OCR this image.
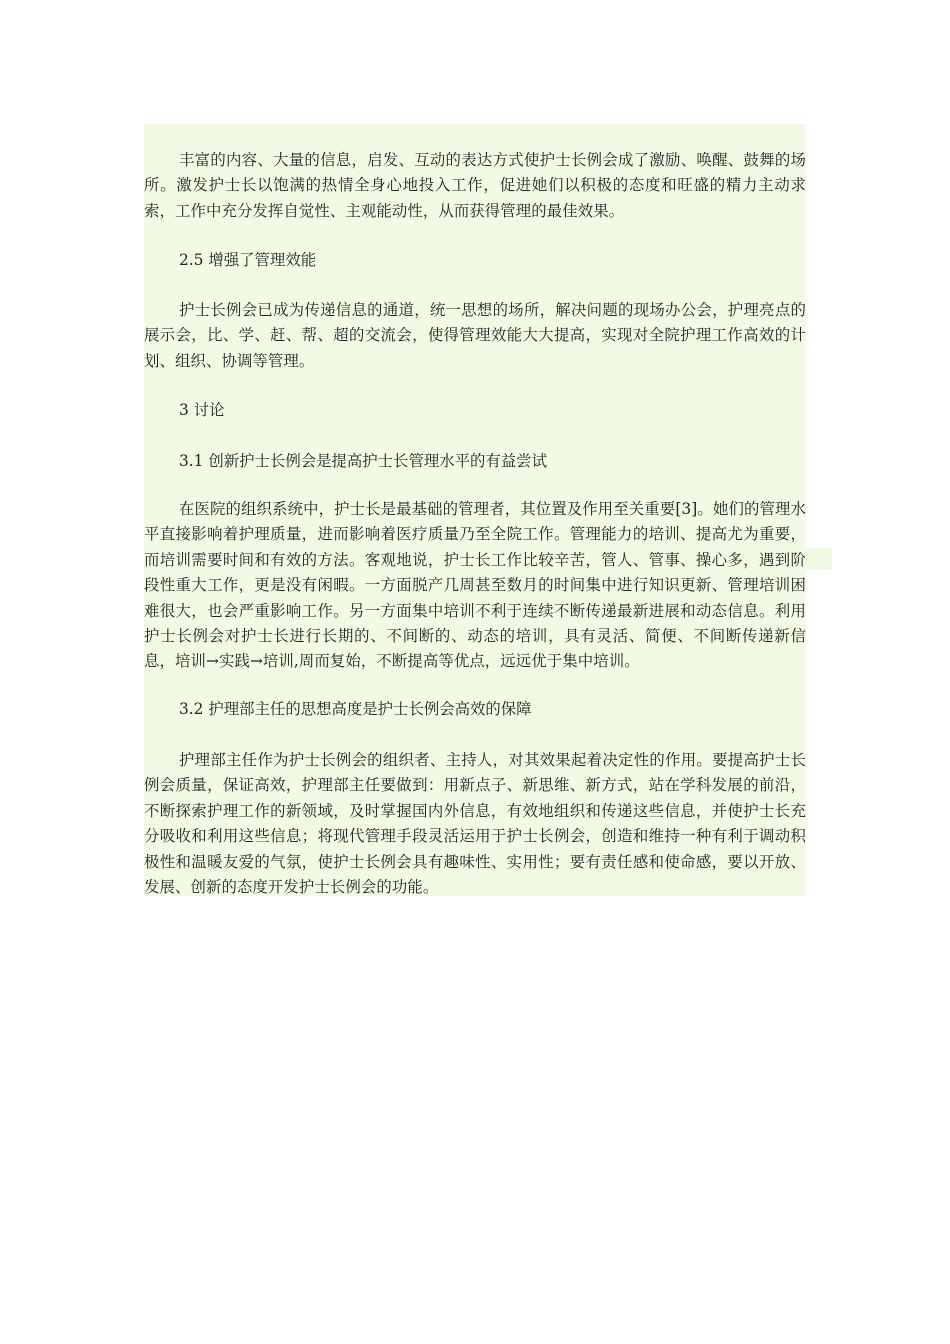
丰富的内容、大量的信息，启发、互动的表达方式使护士长例会成了激励、唤醒、鼓舞的场所。激发护士长以饱满的热情全身心地投入工作，促进她们以积极的态度和旺盛的精力主动求索，工作中充分发挥自觉性、主观能动性，从而获得管理的最佳效果。

2.5 增强了管理效能

护士长例会已成为传递信息的通道，统一思想的场所，解决问题的现场办公会，护理亮点的展示会，比、学、赶、帮、超的交流会，使得管理效能大大提高，实现对全院护理工作高效的计划、组织、协调等管理。

3 讨论

3.1 创新护士长例会是提高护士长管理水平的有益尝试

在医院的组织系统中，护士长是最基础的管理者，其位置及作用至关重要[3]。她们的管理水平直接影响着护理质量，进而影响着医疗质量乃至全院工作。管理能力的培训、提高尤为重要，而培训需要时间和有效的方法。客观地说，护士长工作比较辛苦，管人、管事、操心多，遇到阶段性重大工作，更是没有闲暇。一方面脱产几周甚至数月的时间集中进行知识更新、管理培训困难很大，也会严重影响工作。另一方面集中培训不利于连续不断传递最新进展和动态信息。利用护士长例会对护士长进行长期的、不间断的、动态的培训，具有灵活、简便、不间断传递新信息，培训→实践→培训,周而复始，不断提高等优点，远远优于集中培训。

3.2 护理部主任的思想高度是护士长例会高效的保障

护理部主任作为护士长例会的组织者、主持人，对其效果起着决定性的作用。要提高护士长例会质量，保证高效，护理部主任要做到：用新点子、新思维、新方式，站在学科发展的前沿，不断探索护理工作的新领域，及时掌握国内外信息，有效地组织和传递这些信息，并使护士长充分吸收和利用这些信息；将现代管理手段灵活运用于护士长例会，创造和维持一种有利于调动积极性和温暖友爱的气氛，使护士长例会具有趣味性、实用性；要有责任感和使命感，要以开放、发展、创新的态度开发护士长例会的功能。
